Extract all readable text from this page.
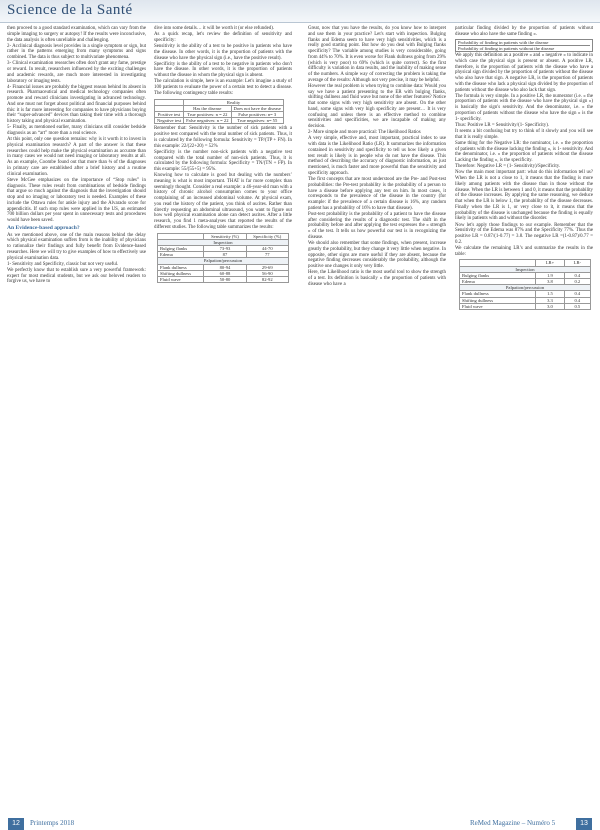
Science de la Santé

then proceed to a good standard examination, which can vary from the simple imaging to surgery or autopsy! If the results were inconclusive, the data analysis is often unreliable and challenging.

2- Acclinical diagnosis level provides in a single symptom or sign, but rather in the patterns emerging from many symptoms and signs combined. The data is thus subject to multivariate phenomena.

3- Clinical examination researches often don't grant any fame, prestige or reward. In result, researchers influenced by the exciting challenges and academic rewards, are much more interested in investigating laboratory or imaging tests.

4- Financial issues are probably the biggest reason behind its absent in research. Pharmaceutical and medical technology companies often promote and reward clinicians investigating in advanced technology. And one must not forget about political and financial purposes behind this: it is far more interesting for companies to have physicians buying their “super-advanced” devices than taking their time with a thorough history taking and physical examination.

5- Finally, as mentioned earlier, many clinicians still consider bedside diagnosis as an “art” more than a real science.

At this point, only one question remains: why is it worth it to invest in physical examination research? A part of the answer is that these researches could help make the physical examination as accurate than in many cases we would not need imaging or laboratory results at all. As an example, Coombe found out that more than ¾ of the diagnoses in primary care are established after a brief history and a routine clinical examination.

Steve McGee emphasizes on the importance of “Stop rules” in diagnosis. These rules result from combinations of bedside findings that argue so much against the diagnosis that the investigation should stop and no imaging or laboratory test is needed. Examples of these include the Ottawa rules for ankle injury and the Alvarado score for appendicitis. If such stop rules were applied in the US, an estimated 700 billion dollars per year spent in unnecessary tests and procedures would have been saved.

An Evidence-based approach?

As we mentioned above, one of the main reasons behind the delay which physical examination suffers from is the inability of physicians to rationalize their findings and fully benefit from Evidence-based researches. Here we will try to give examples of how to effectively use physical examination data.

1- Sensitivity and Specificity, classic but not very useful.

We perfectly know that to establish sure a very powerful framework: expert for most medical students, but we ask our beloved readers to forgive us, we have to

dive into some details… it will be worth it (or else refunded).

As a quick recap, let's review the definition of sensitivity and specificity:

Sensitivity is the ability of a test to be positive in patients who have the disease. In other words, it is the proportion of patients with the disease who have the physical sign (i.e., have the positive result).

Specificity is the ability of a test to be negative in patients who don't have the disease. In other words, it is the proportion of patients without the disease in whom the physical sign is absent.

The calculation is simple, here is an example: Let's imagine a study of 100 patients to evaluate the power of a certain test to detect a disease. The following contingency table results:

	Reality	
	Has the disease	Does not have the disease
Positive test	True positives: n = 22	False positives: n= 3
Negative test	False negatives: n = 22	True negatives: n= 55

Remember that: Sensitivity is the number of sick patients with a positive test compared with the total number of sick patients. Thus, it is calculated by the following formula: Sensitivity = TP/(TP + FN). In this example: 22/(22+20) = 52%

Specificity is the number non-sick patients with a negative test compared with the total number of non-sick patients. Thus, it is calculated by the following formula: Specificity = TN/(TN + FP). In this example: 55/(55+5) = 95%.

Knowing how to calculate is good but dealing with the numbers’ meaning is what is most important. THAT is far more complex than seemingly thought. Consider a real example: a 46-year-old man with a history of chronic alcohol consumption comes to your office complaining of an increased abdominal volume. At physical exam, you read the history of the patient, you think of ascites. Rather than directly requesting an abdominal ultrasound, you want to figure out how well physical examination alone can detect ascites. After a little research, you find 1 meta-analyses that reported the results of the different studies. The following table summarizes the results:

	Sensitivity (%)	Specificity (%)
Inspection		
Bulging flanks	73-93	44-70
Edema	87	77
Palpation/percussion		
Flank dullness	80-94	29-69
Shifting dullness	60-88	56-90
Fluid wave	50-80	82-92

Great, now that you have the results, do you know how to interpret and use them in your practice? Let's start with inspection. Bulging flanks and Edema seem to have very high sensitivities, which is a really good starting point. But how do you deal with Bulging flanks specificity? The variable among studies is very considerable, going from 44% to 70%. It is even worse for Flank dullness going from 29% (which is very poor) to 69% (which is quite correct). So the first difficulty is variation in data results, and the inability of making sense of the numbers. A simple way of correcting the problem is taking the average of the results: Although not very precise, it may be helpful.

However the real problem is when trying to combine data: Would you say we have a patient presenting to the ER with bulging flanks, shifting dullness and fluid wave but none of the other features? Notice that some signs with very high sensitivity are absent. On the other hand, some signs with very high specificity are present… It is very confusing and unless there is an effective method to combine sensitivities and specificities, we are incapable of making any decision.

2- More simple and more practical: The likelihood Ratios

A very simple, effective and, most important, practical index to use with data is the Likelihood Ratio (LR). It summarizes the information contained in sensitivity and specificity to tell us how likely a given test result is likely is in people who do not have the disease. This method of describing the accuracy of diagnostic information, as just mentioned, is much faster and more powerful than the sensitivity and specificity approach.

The first concepts that are most understood are the Pre- and Post-test probabilities: the Pre-test probability is the probability of a person to have a disease before applying any test on him. In most cases, it corresponds to the prevalence of the disease in the country (for example: if the prevalence of a certain disease is 16%, any random patient has a probability of 16% to have that disease).

Post-test probability is the probability of a patient to have the disease after considering the results of a diagnostic test. The shift in the probability before and after applying the test expresses the « strength » of the test. It tells us how powerful our test is in recognizing the disease.

We should also remember that some findings, when present, increase greatly the probability, but they change it very little when negative. In opposite, other signs are more useful if they are absent, because the negative finding decreases considerably the probability, although the positive one changes it only very little.

Here, the Likelihood ratio is the most useful tool to show the strength of a test. Its definition is basically « the proportion of patients with disease who have a

particular finding divided by the proportion of patients without disease who also have the same finding ».

Probability of finding in patients with the disease
Probability of finding in patients without the disease

We apply this definition as a positive » and « negative » to indicate in which case the physical sign is present or absent. A positive LR, therefore, is the proportion of patients with the disease who have a physical sign divided by the proportion of patients without the disease who also have that sign. A negative LR, is the proportion of patients with the disease who lack a physical sign divided by the proportion of patients without the disease who also lack that sign.

The formula is very simple. In a positive LR, the numerator (i.e. « the proportion of patients with the disease who have the physical sign ») is basically the sign's sensitivity. And the denominator, i.e. « the proportion of patients without the disease who have the sign » is the 1- specificity.

Thus: Positive LR = Sensitivity/(1- Specificity).

It seems a bit confusing but try to think of it slowly and you will see that it is really simple.

Same thing for the Negative LR: the nominator, i.e. « the proportion of patients with the disease lacking the finding », is 1- sensitivity. And the denominator, i.e. « the proportion of patients without the disease Lacking the finding », is the specificity.

Therefore: Negative LR = (1- Sensitivity)/Specificity.

Now the main most important part: what do this information tell us? When the LR is not a close to 1, it means that the finding is more likely among patients with the disease than in those without the disease. When the LR is between 1 and 0, it means that the probability of the disease increases. By applying the same reasoning, we deduce that when the LR is below 1, the probability of the disease decreases. Finally when the LR is 1, or very close to it, it means that the probability of the disease is unchanged because the finding is equally likely in patients with and without the disorder.

Now let's apply those findings to our example. Remember that the Sensitivity of the Edema was 87% and the Specificity 77%. Thus the positive LR = 0.87/(1-0.77) = 3.8. The negative LR =(1-0.87)/0.77 = 0.2.

We calculate the remaining LR’s and summarize the results in the table:

	LR+	LR-
Inspection		
Bulging flanks	1.9	0.4
Edema	3.8	0.2
Palpation/percussion		
Flank dullness	1.5	0.4
Shifting dullness	3.3	0.4
Fluid wave	3.0	0.5
12	Printemps 2018	ReMed Magazine – Numéro 5	13
